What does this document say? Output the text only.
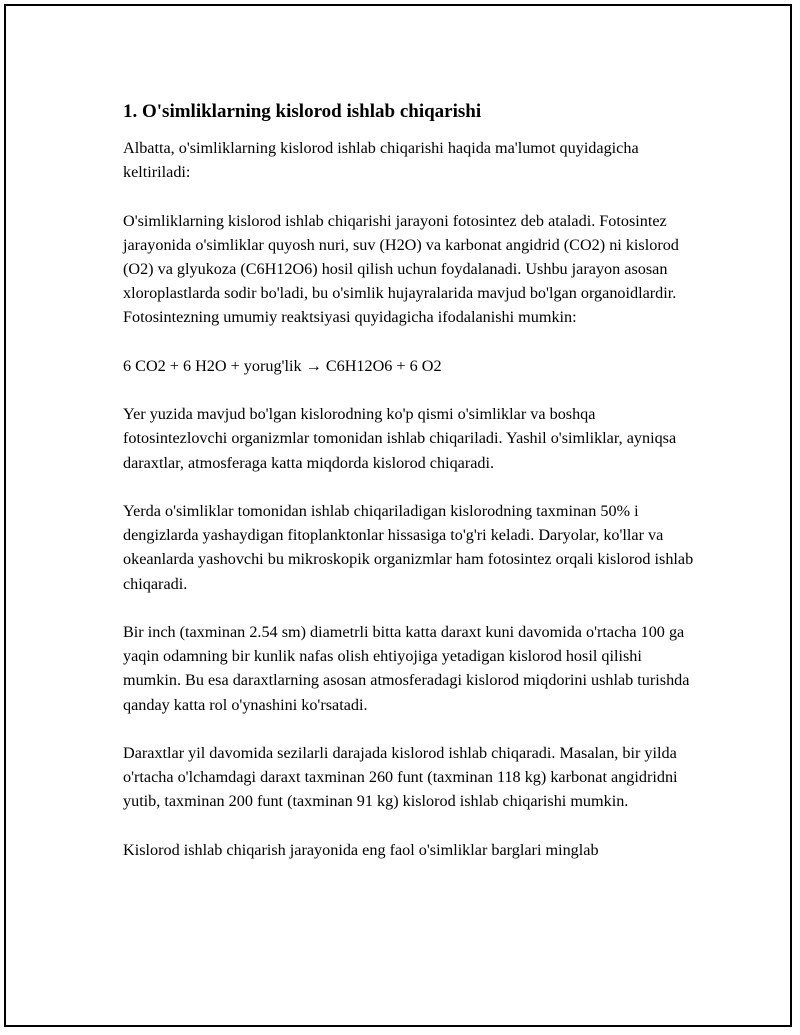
1. O'simliklarning kislorod ishlab chiqarishi

Albatta, o'simliklarning kislorod ishlab chiqarishi haqida ma'lumot quyidagicha keltiriladi:

O'simliklarning kislorod ishlab chiqarishi jarayoni fotosintez deb ataladi. Fotosintez jarayonida o'simliklar quyosh nuri, suv (H2O) va karbonat angidrid (CO2) ni kislorod (O2) va glyukoza (C6H12O6) hosil qilish uchun foydalanadi. Ushbu jarayon asosan xloroplastlarda sodir bo'ladi, bu o'simlik hujayralarida mavjud bo'lgan organoidlardir. Fotosintezning umumiy reaktsiyasi quyidagicha ifodalanishi mumkin:

6 CO2 + 6 H2O + yorug'lik → C6H12O6 + 6 O2

Yer yuzida mavjud bo'lgan kislorodning ko'p qismi o'simliklar va boshqa fotosintezlovchi organizmlar tomonidan ishlab chiqariladi. Yashil o'simliklar, ayniqsa daraxtlar, atmosferaga katta miqdorda kislorod chiqaradi.

Yerda o'simliklar tomonidan ishlab chiqariladigan kislorodning taxminan 50% i dengizlarda yashaydigan fitoplanktonlar hissasiga to'g'ri keladi. Daryolar, ko'llar va okeanlarda yashovchi bu mikroskopik organizmlar ham fotosintez orqali kislorod ishlab chiqaradi.

Bir inch (taxminan 2.54 sm) diametrli bitta katta daraxt kuni davomida o'rtacha 100 ga yaqin odamning bir kunlik nafas olish ehtiyojiga yetadigan kislorod hosil qilishi mumkin. Bu esa daraxtlarning asosan atmosferadagi kislorod miqdorini ushlab turishda qanday katta rol o'ynashini ko'rsatadi.

Daraxtlar yil davomida sezilarli darajada kislorod ishlab chiqaradi. Masalan, bir yilda o'rtacha o'lchamdagi daraxt taxminan 260 funt (taxminan 118 kg) karbonat angidridni yutib, taxminan 200 funt (taxminan 91 kg) kislorod ishlab chiqarishi mumkin.

Kislorod ishlab chiqarish jarayonida eng faol o'simliklar barglari minglab
